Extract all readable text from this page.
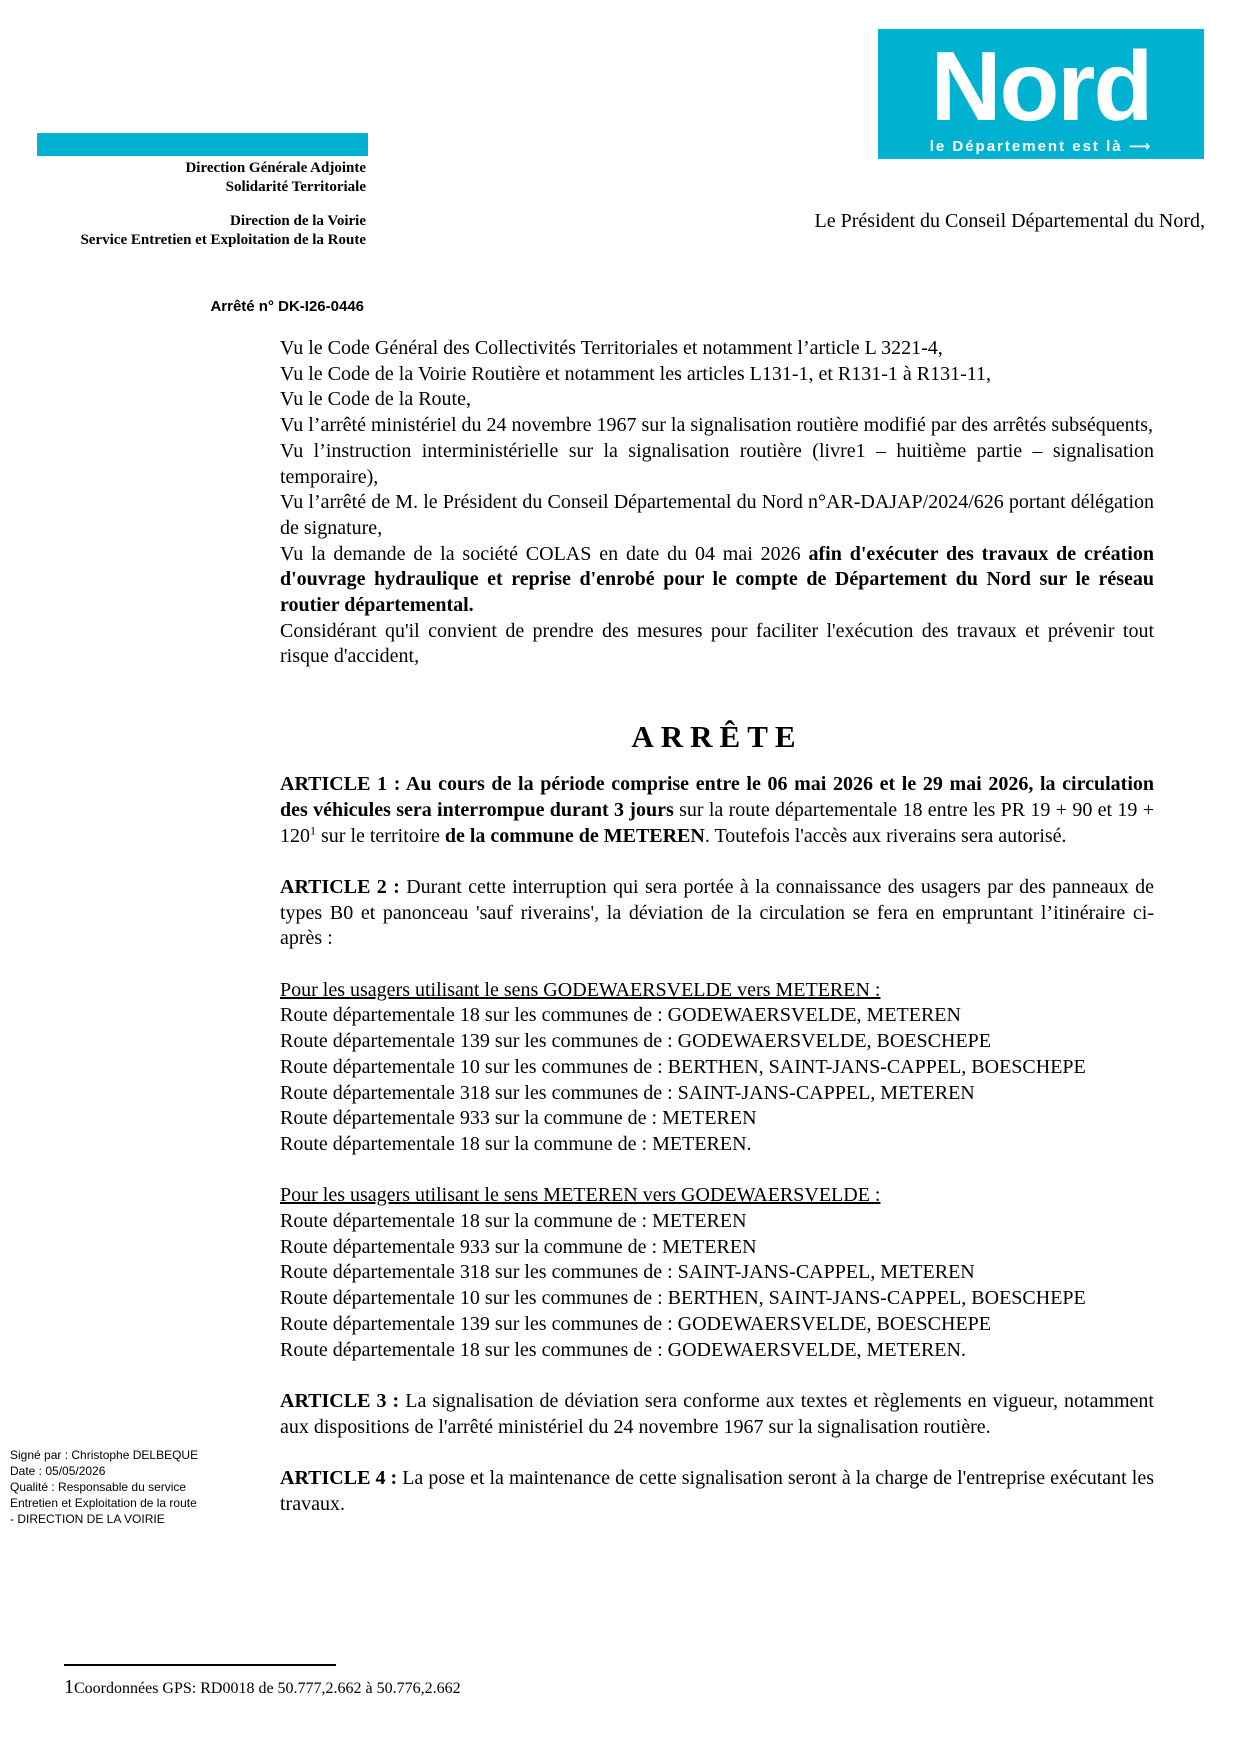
Nord
le Département est là ⟶
Direction Générale Adjointe
Solidarité Territoriale
Direction de la Voirie
Service Entretien et Exploitation de la Route
Le Président du Conseil Départemental du Nord,
Arrêté n° DK-I26-0446

Vu le Code Général des Collectivités Territoriales et notamment l’article L 3221-4,

Vu le Code de la Voirie Routière et notamment les articles L131-1, et R131-1 à R131-11,

Vu le Code de la Route,

Vu l’arrêté ministériel du 24 novembre 1967 sur la signalisation routière modifié par des arrêtés subséquents,

Vu l’instruction interministérielle sur la signalisation routière (livre1 – huitième partie – signalisation temporaire),

Vu l’arrêté de M. le Président du Conseil Départemental du Nord n°AR-DAJAP/2024/626 portant délégation de signature,

Vu la demande de la société COLAS en date du 04 mai 2026 afin d'exécuter des travaux de création d'ouvrage hydraulique et reprise d'enrobé pour le compte de Département du Nord sur le réseau routier départemental.

Considérant qu'il convient de prendre des mesures pour faciliter l'exécution des travaux et prévenir tout risque d'accident,

ARRÊTE

ARTICLE 1 : Au cours de la période comprise entre le 06 mai 2026 et le 29 mai 2026, la circulation des véhicules sera interrompue durant 3 jours sur la route départementale 18 entre les PR 19 + 90 et $19 + 120^1$ sur le territoire de la commune de METEREN. Toutefois l'accès aux riverains sera autorisé.

ARTICLE 2 : Durant cette interruption qui sera portée à la connaissance des usagers par des panneaux de types B0 et panonceau 'sauf riverains', la déviation de la circulation se fera en empruntant l’itinéraire ci-après :

Pour les usagers utilisant le sens GODEWAERSVELDE vers METEREN :

Route départementale 18 sur les communes de : GODEWAERSVELDE, METEREN

Route départementale 139 sur les communes de : GODEWAERSVELDE, BOESCHEPE

Route départementale 10 sur les communes de : BERTHEN, SAINT-JANS-CAPPEL, BOESCHEPE

Route départementale 318 sur les communes de : SAINT-JANS-CAPPEL, METEREN

Route départementale 933 sur la commune de : METEREN

Route départementale 18 sur la commune de : METEREN.

Pour les usagers utilisant le sens METEREN vers GODEWAERSVELDE :

Route départementale 18 sur la commune de : METEREN

Route départementale 933 sur la commune de : METEREN

Route départementale 318 sur les communes de : SAINT-JANS-CAPPEL, METEREN

Route départementale 10 sur les communes de : BERTHEN, SAINT-JANS-CAPPEL, BOESCHEPE

Route départementale 139 sur les communes de : GODEWAERSVELDE, BOESCHEPE

Route départementale 18 sur les communes de : GODEWAERSVELDE, METEREN.

ARTICLE 3 : La signalisation de déviation sera conforme aux textes et règlements en vigueur, notamment aux dispositions de l'arrêté ministériel du 24 novembre 1967 sur la signalisation routière.

ARTICLE 4 : La pose et la maintenance de cette signalisation seront à la charge de l'entreprise exécutant les travaux.

Signé par : Christophe DELBEQUE
Date : 05/05/2026
Qualité : Responsable du service
Entretien et Exploitation de la route
- DIRECTION DE LA VOIRIE
1Coordonnées GPS: RD0018 de 50.777,2.662 à 50.776,2.662
